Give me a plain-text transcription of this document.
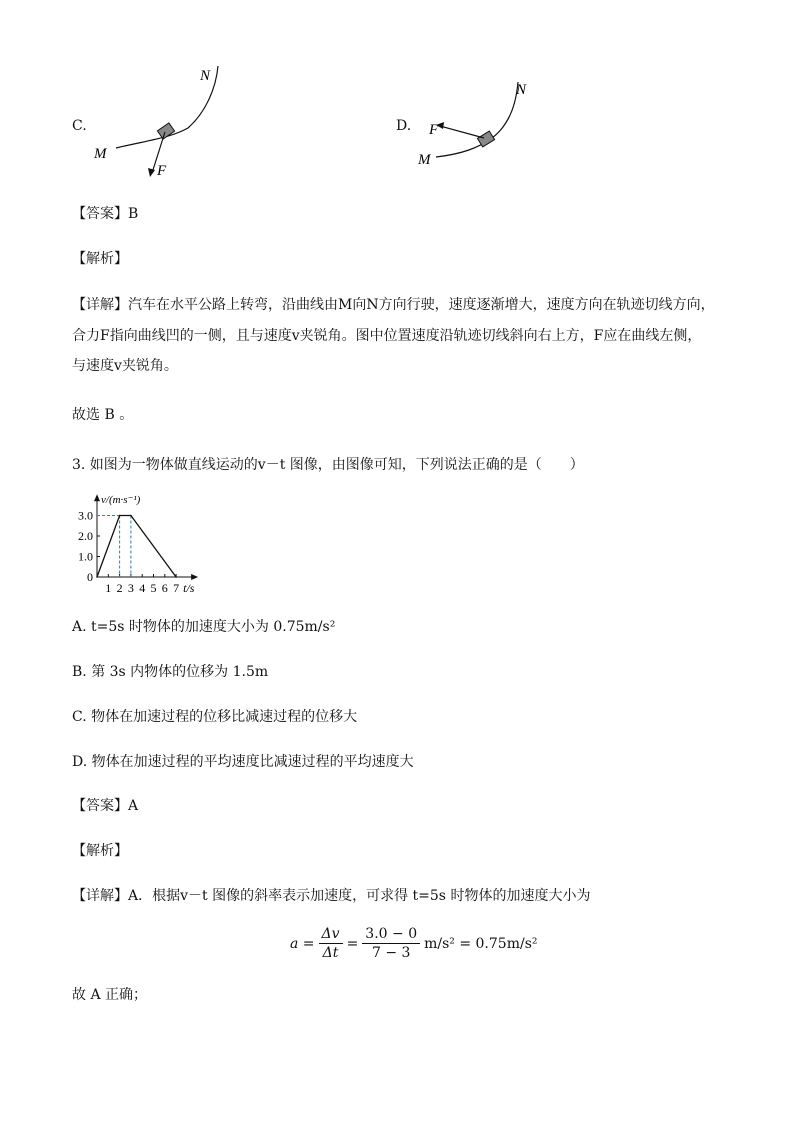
C.
M
N
F
D.
M
N
F
【答案】B
【解析】
【详解】汽车在水平公路上转弯，沿曲线由M向N方向行驶，速度逐渐增大，速度方向在轨迹切线方向，
合力F指向曲线凹的一侧，且与速度v夹锐角。图中位置速度沿轨迹切线斜向右上方，F应在曲线左侧，
与速度v夹锐角。
故选 B 。
3. 如图为一物体做直线运动的v－t 图像，由图像可知，下列说法正确的是（　　）
1 2 3 4 5 6 7
1.0
2.0
3.0
0
t/s
v/(m·s⁻¹)
A. t=5s 时物体的加速度大小为 0.75m/s²
B. 第 3s 内物体的位移为 1.5m
C. 物体在加速过程的位移比减速过程的位移大
D. 物体在加速过程的平均速度比减速过程的平均速度大
【答案】A
【解析】
【详解】A．根据v－t 图像的斜率表示加速度，可求得 t=5s 时物体的加速度大小为
$a = \frac{\Delta v}{\Delta t} = \frac{3.0 - 0}{7 - 3} m/s^2 = 0.75m/s^2$
故 A 正确；
